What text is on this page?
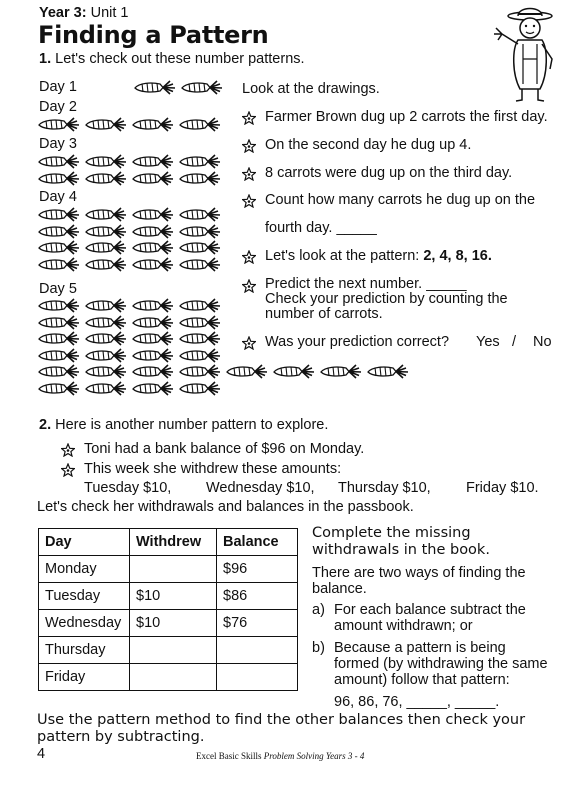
Year 3: Unit 1
Finding a Pattern
1. Let's check out these number patterns.
Day 1
Day 2
Day 3
Day 4
Day 5
Look at the drawings.
Farmer Brown dug up 2 carrots the first day.
On the second day he dug up 4.
8 carrots were dug up on the third day.
Count how many carrots he dug up on the
fourth day. _____
Let's look at the pattern: 2, 4, 8, 16.
Predict the next number. _____
Check your prediction by counting the
number of carrots.
Was your prediction correct? Yes / No
2. Here is another number pattern to explore.
Toni had a bank balance of $96 on Monday.
This week she withdrew these amounts:
Tuesday $10, Wednesday $10, Thursday $10, Friday $10.
Let's check her withdrawals and balances in the passbook.
Day	Withdrew	Balance
Monday		$96
Tuesday	$10	$86
Wednesday	$10	$76
Thursday		
Friday		
Complete the missing
withdrawals in the book.
There are two ways of finding the
balance.
a) For each balance subtract the
amount withdrawn; or
b) Because a pattern is being
formed (by withdrawing the same
amount) follow that pattern:
96, 86, 76, _____, _____.
Use the pattern method to find the other balances then check your
pattern by subtracting.
4	Excel Basic Skills Problem Solving Years 3 - 4
